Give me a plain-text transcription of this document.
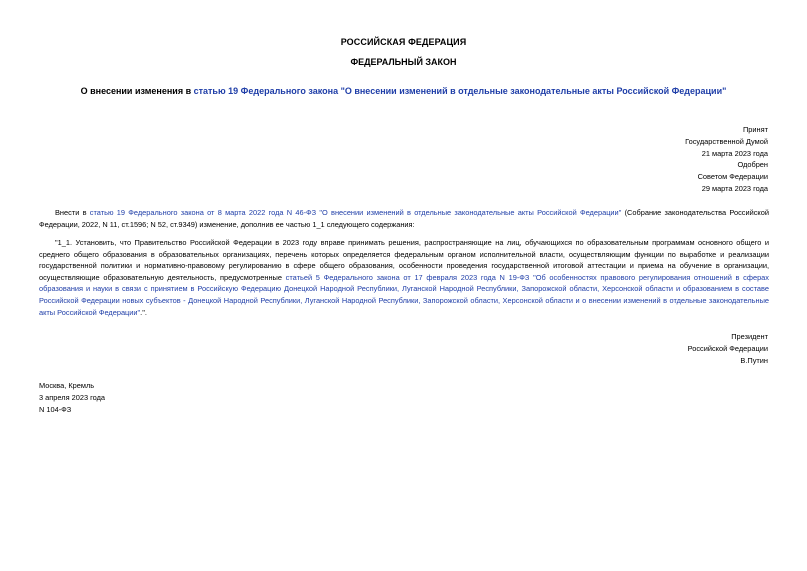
РОССИЙСКАЯ ФЕДЕРАЦИЯ
ФЕДЕРАЛЬНЫЙ ЗАКОН
О внесении изменения в статью 19 Федерального закона "О внесении изменений в отдельные законодательные акты Российской Федерации"
Принят
Государственной Думой
21 марта 2023 года
Одобрен
Советом Федерации
29 марта 2023 года
Внести в статью 19 Федерального закона от 8 марта 2022 года N 46-ФЗ "О внесении изменений в отдельные законодательные акты Российской Федерации" (Собрание законодательства Российской Федерации, 2022, N 11, ст.1596; N 52, ст.9349) изменение, дополнив ее частью 1_1 следующего содержания:
"1_1. Установить, что Правительство Российской Федерации в 2023 году вправе принимать решения, распространяющие на лиц, обучающихся по образовательным программам основного общего и среднего общего образования в образовательных организациях, перечень которых определяется федеральным органом исполнительной власти, осуществляющим функции по выработке и реализации государственной политики и нормативно-правовому регулированию в сфере общего образования, особенности проведения государственной итоговой аттестации и приема на обучение в организации, осуществляющие образовательную деятельность, предусмотренные статьей 5 Федерального закона от 17 февраля 2023 года N 19-ФЗ "Об особенностях правового регулирования отношений в сферах образования и науки в связи с принятием в Российскую Федерацию Донецкой Народной Республики, Луганской Народной Республики, Запорожской области, Херсонской области и образованием в составе Российской Федерации новых субъектов - Донецкой Народной Республики, Луганской Народной Республики, Запорожской области, Херсонской области и о внесении изменений в отдельные законодательные акты Российской Федерации".".
Президент
Российской Федерации
В.Путин
Москва, Кремль
3 апреля 2023 года
N 104-ФЗ
